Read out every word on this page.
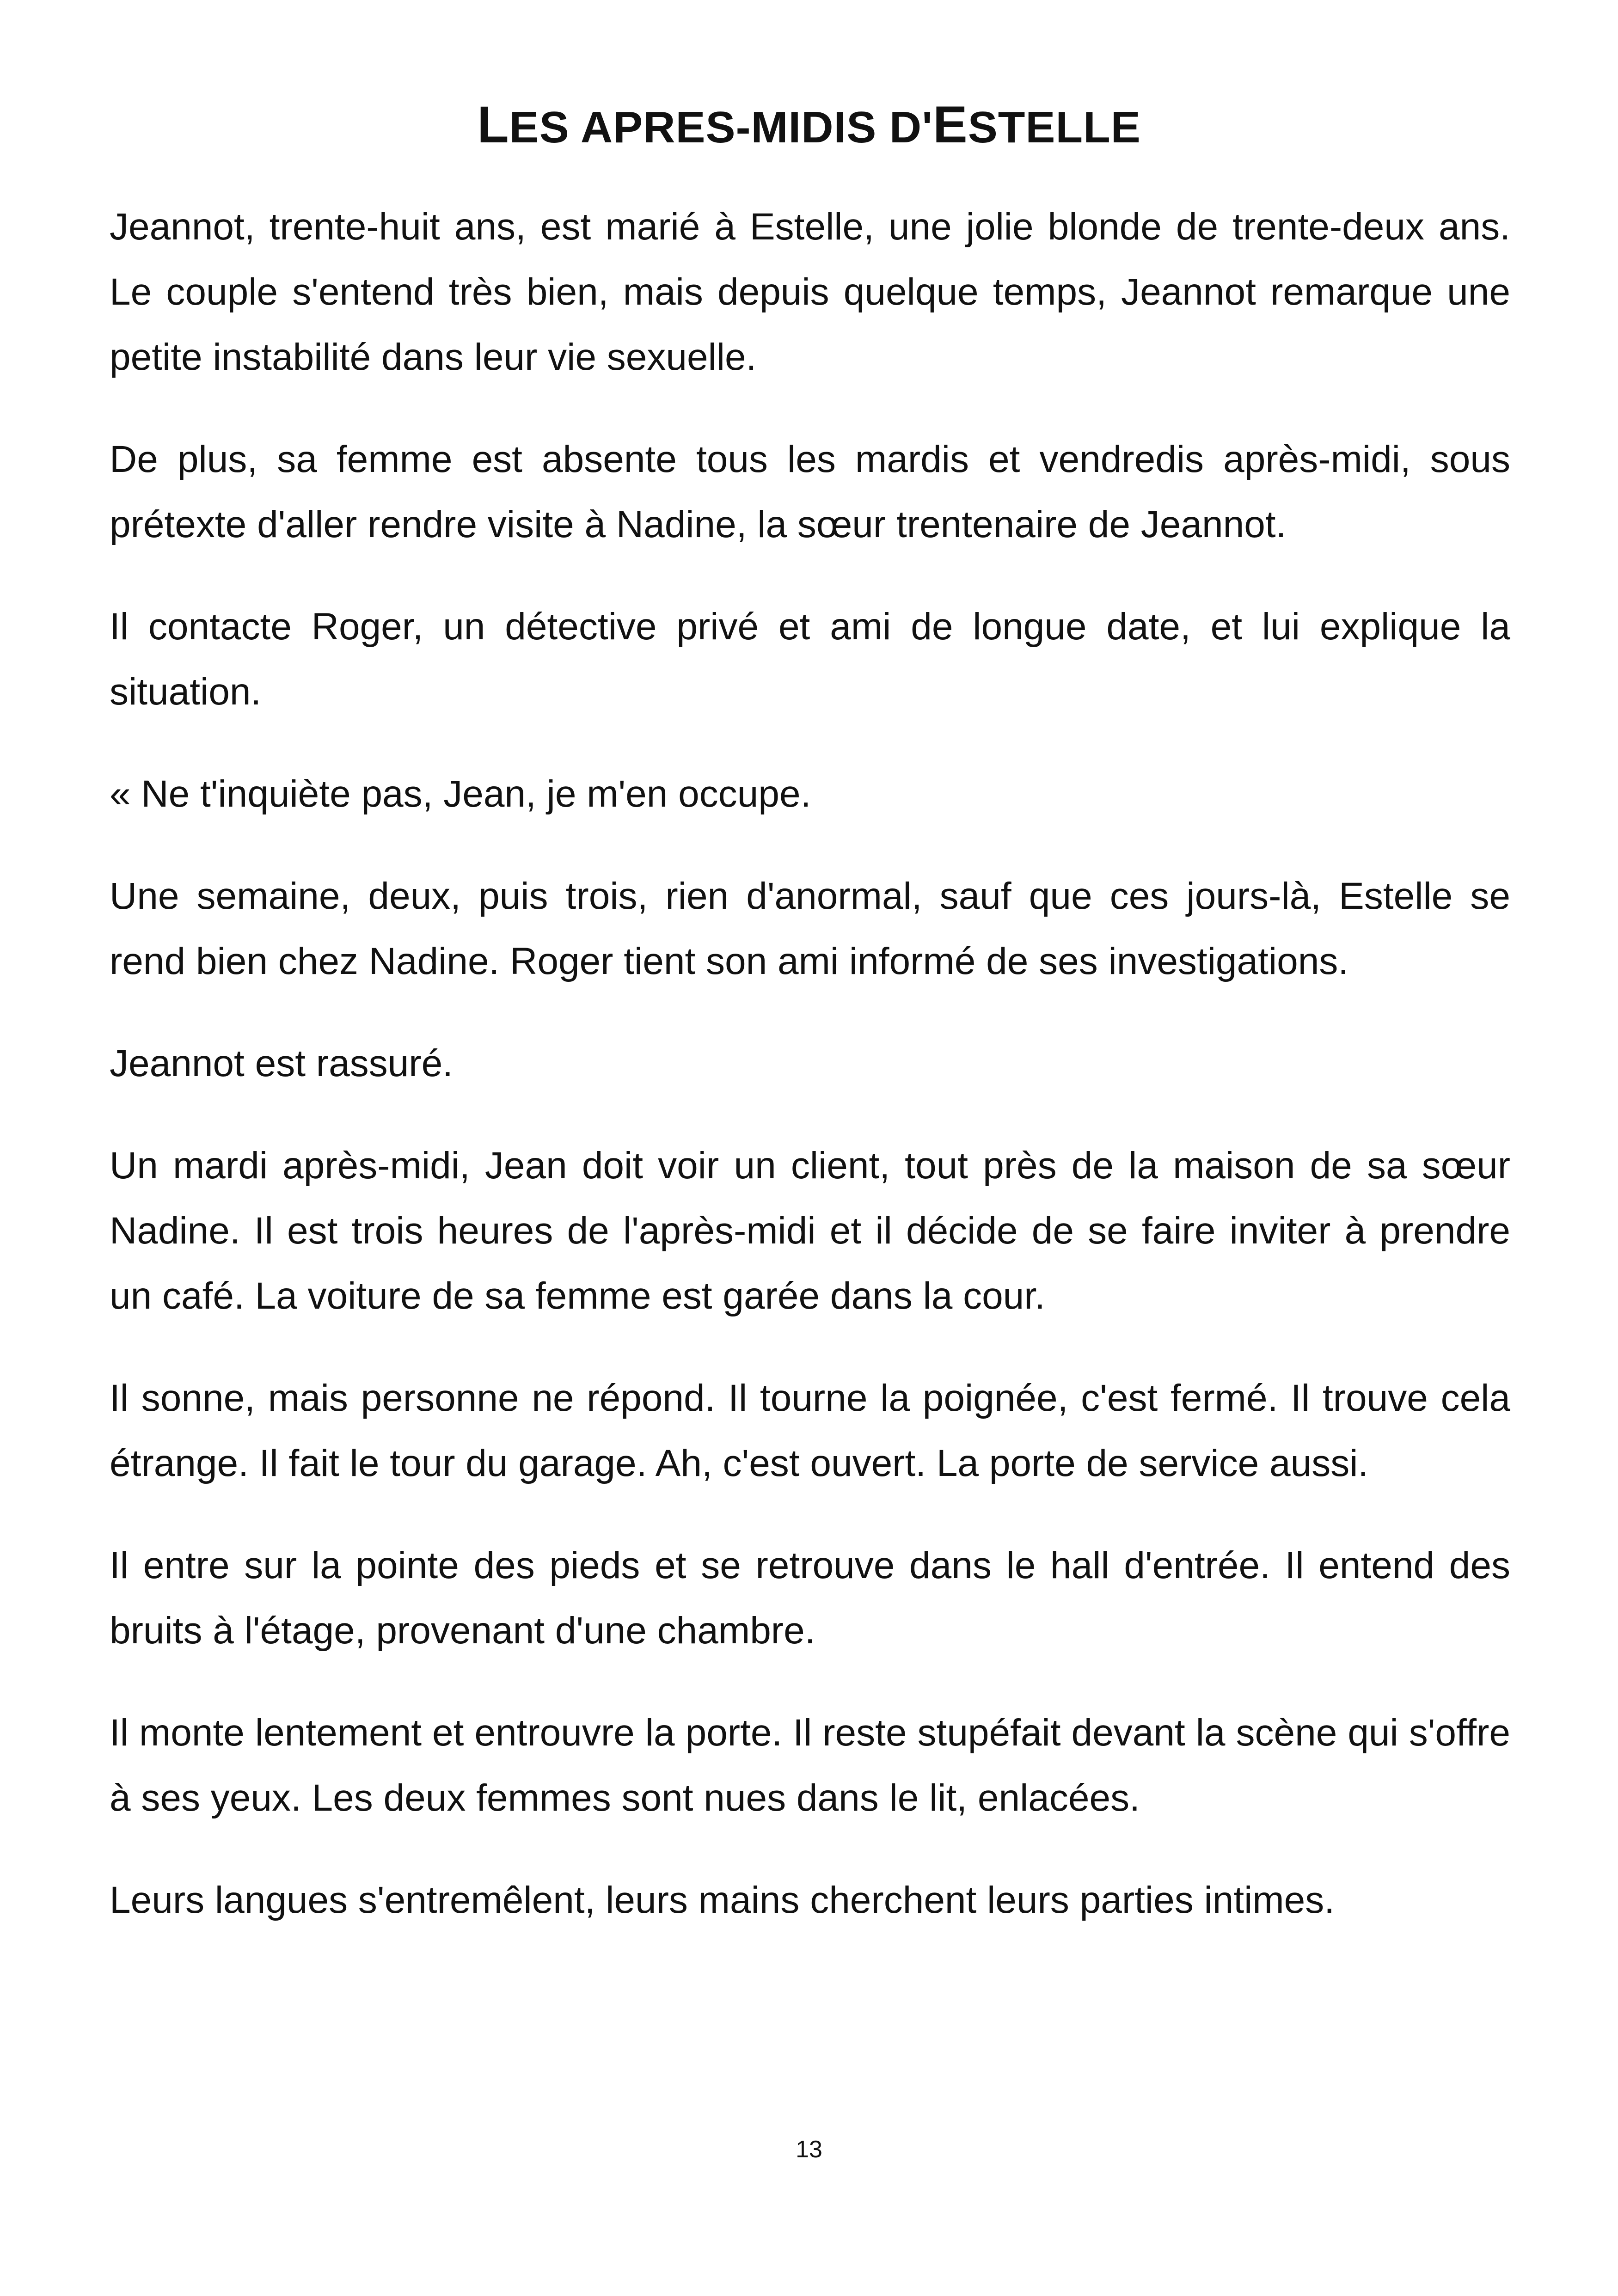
LES APRES-MIDIS D'ESTELLE

Jeannot, trente-huit ans, est marié à Estelle, une jolie blonde de trente-deux ans. Le couple s'entend très bien, mais depuis quelque temps, Jeannot remarque une petite instabilité dans leur vie sexuelle.

De plus, sa femme est absente tous les mardis et vendredis après-midi, sous prétexte d'aller rendre visite à Nadine, la sœur trentenaire de Jeannot.

Il contacte Roger, un détective privé et ami de longue date, et lui explique la situation.

« Ne t'inquiète pas, Jean, je m'en occupe.

Une semaine, deux, puis trois, rien d'anormal, sauf que ces jours-là, Estelle se rend bien chez Nadine. Roger tient son ami informé de ses investigations.

Jeannot est rassuré.

Un mardi après-midi, Jean doit voir un client, tout près de la maison de sa sœur Nadine. Il est trois heures de l'après-midi et il décide de se faire inviter à prendre un café. La voiture de sa femme est garée dans la cour.

Il sonne, mais personne ne répond. Il tourne la poignée, c'est fermé. Il trouve cela étrange. Il fait le tour du garage. Ah, c'est ouvert. La porte de service aussi.

Il entre sur la pointe des pieds et se retrouve dans le hall d'entrée. Il entend des bruits à l'étage, provenant d'une chambre.

Il monte lentement et entrouvre la porte. Il reste stupéfait devant la scène qui s'offre à ses yeux. Les deux femmes sont nues dans le lit, enlacées.

Leurs langues s'entremêlent, leurs mains cherchent leurs parties intimes.

13
